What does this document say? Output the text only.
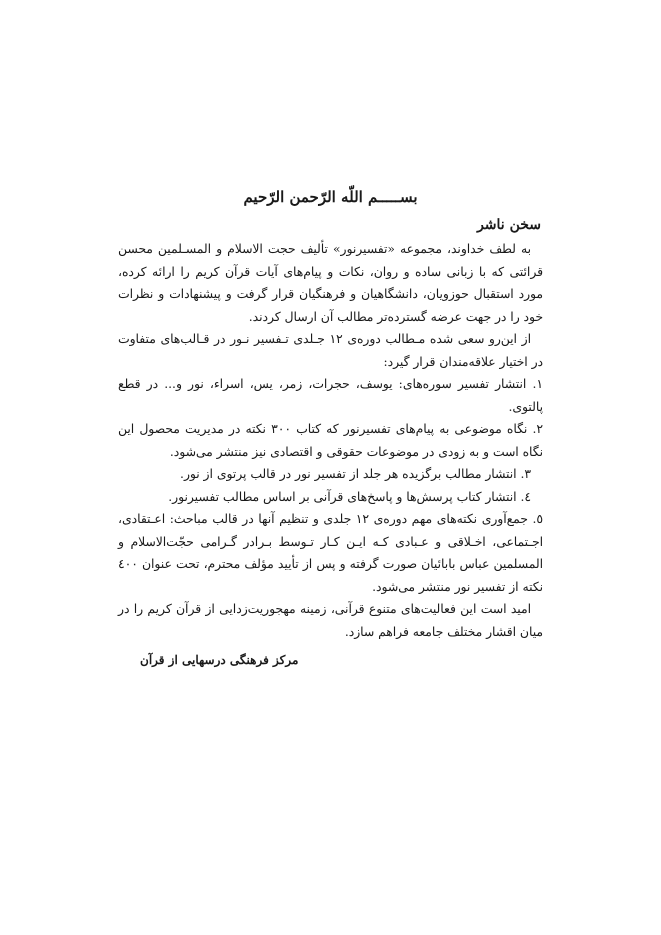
بســـــم اللّه الرّحمن الرّحیم
سخن ناشر

به لطف خداوند، مجموعه «تفسیرنور» تألیف حجت الاسلام و المسـلمین محسن قرائتی که با زبانی ساده و روان، نکات و پیام‌های آیات قرآن کریم را ارائه کرده، مورد استقبال حوزویان، دانشگاهیان و فرهنگیان قرار گرفت و پیشنهادات و نظرات خود را در جهت عرضه گسترده‌تر مطالب آن ارسال کردند.

از این‌رو سعی شده مـطالب دوره‌ی ۱۲ جـلدی تـفسیر نـور در قـالب‌های متفاوت در اختیار علاقه‌مندان قرار گیرد:

۱. انتشار تفسیر سوره‌های: یوسف، حجرات، زمر، یس، اسراء، نور و... در قطع پالتوی.

۲. نگاه موضوعی به پیام‌های تفسیرنور که کتاب ۳۰۰ نکته در مدیریت محصول این نگاه است و به زودی در موضوعات حقوقی و اقتصادی نیز منتشر می‌شود.

۳. انتشار مطالب برگزیده هر جلد از تفسیر نور در قالب پرتوی از نور.

٤. انتشار کتاب پرسش‌ها و پاسخ‌های قرآنی بر اساس مطالب تفسیرنور.

٥. جمع‌آوری نکته‌های مهم دوره‌ی ۱۲ جلدی و تنظیم آنها در قالب مباحث: اعـتقادی، اجـتماعی، اخـلاقی و عـبادی کـه ایـن کـار تـوسط بـرادر گـرامی حجّت‌الاسلام و المسلمین عباس بابائیان صورت گرفته و پس از تأیید مؤلف محترم، تحت عنوان ٤۰۰ نکته از تفسیر نور منتشر می‌شود.

امید است این فعالیت‌های متنوع قرآنی، زمینه مهجوریت‌زدایی از قرآن کریم را در میان اقشار مختلف جامعه فراهم سازد.

مرکز فرهنگی درسهایی از قرآن
